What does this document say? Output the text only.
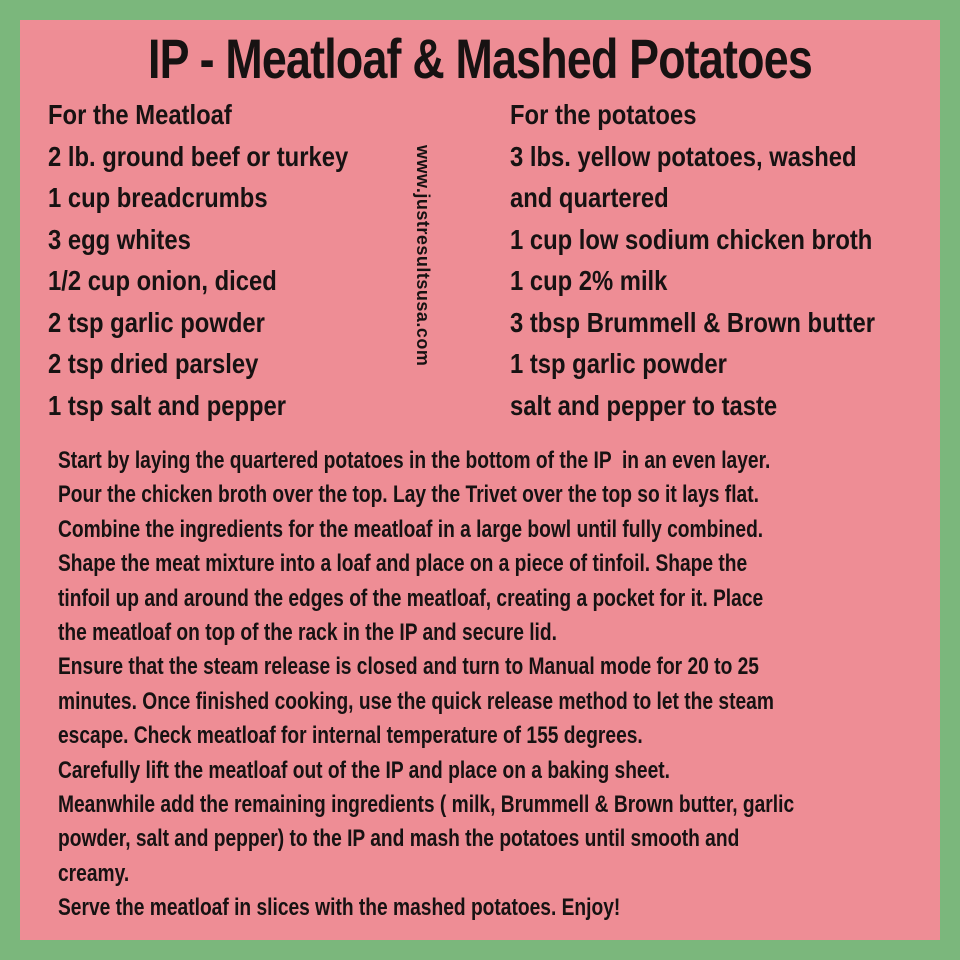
IP - Meatloaf & Mashed Potatoes
For the Meatloaf
2 lb. ground beef or turkey
1 cup breadcrumbs
3 egg whites
1/2 cup onion, diced
2 tsp garlic powder
2 tsp dried parsley
1 tsp salt and pepper
www.justresultsusa.com
For the potatoes
3 lbs. yellow potatoes, washed
and quartered
1 cup low sodium chicken broth
1 cup 2% milk
3 tbsp Brummell & Brown butter
1 tsp garlic powder
salt and pepper to taste
Start by laying the quartered potatoes in the bottom of the IP  in an even layer.
Pour the chicken broth over the top. Lay the Trivet over the top so it lays flat.
Combine the ingredients for the meatloaf in a large bowl until fully combined.
Shape the meat mixture into a loaf and place on a piece of tinfoil. Shape the
tinfoil up and around the edges of the meatloaf, creating a pocket for it. Place
the meatloaf on top of the rack in the IP and secure lid.
Ensure that the steam release is closed and turn to Manual mode for 20 to 25
minutes. Once finished cooking, use the quick release method to let the steam
escape. Check meatloaf for internal temperature of 155 degrees.
Carefully lift the meatloaf out of the IP and place on a baking sheet.
Meanwhile add the remaining ingredients ( milk, Brummell & Brown butter, garlic
powder, salt and pepper) to the IP and mash the potatoes until smooth and
creamy.
Serve the meatloaf in slices with the mashed potatoes. Enjoy!
